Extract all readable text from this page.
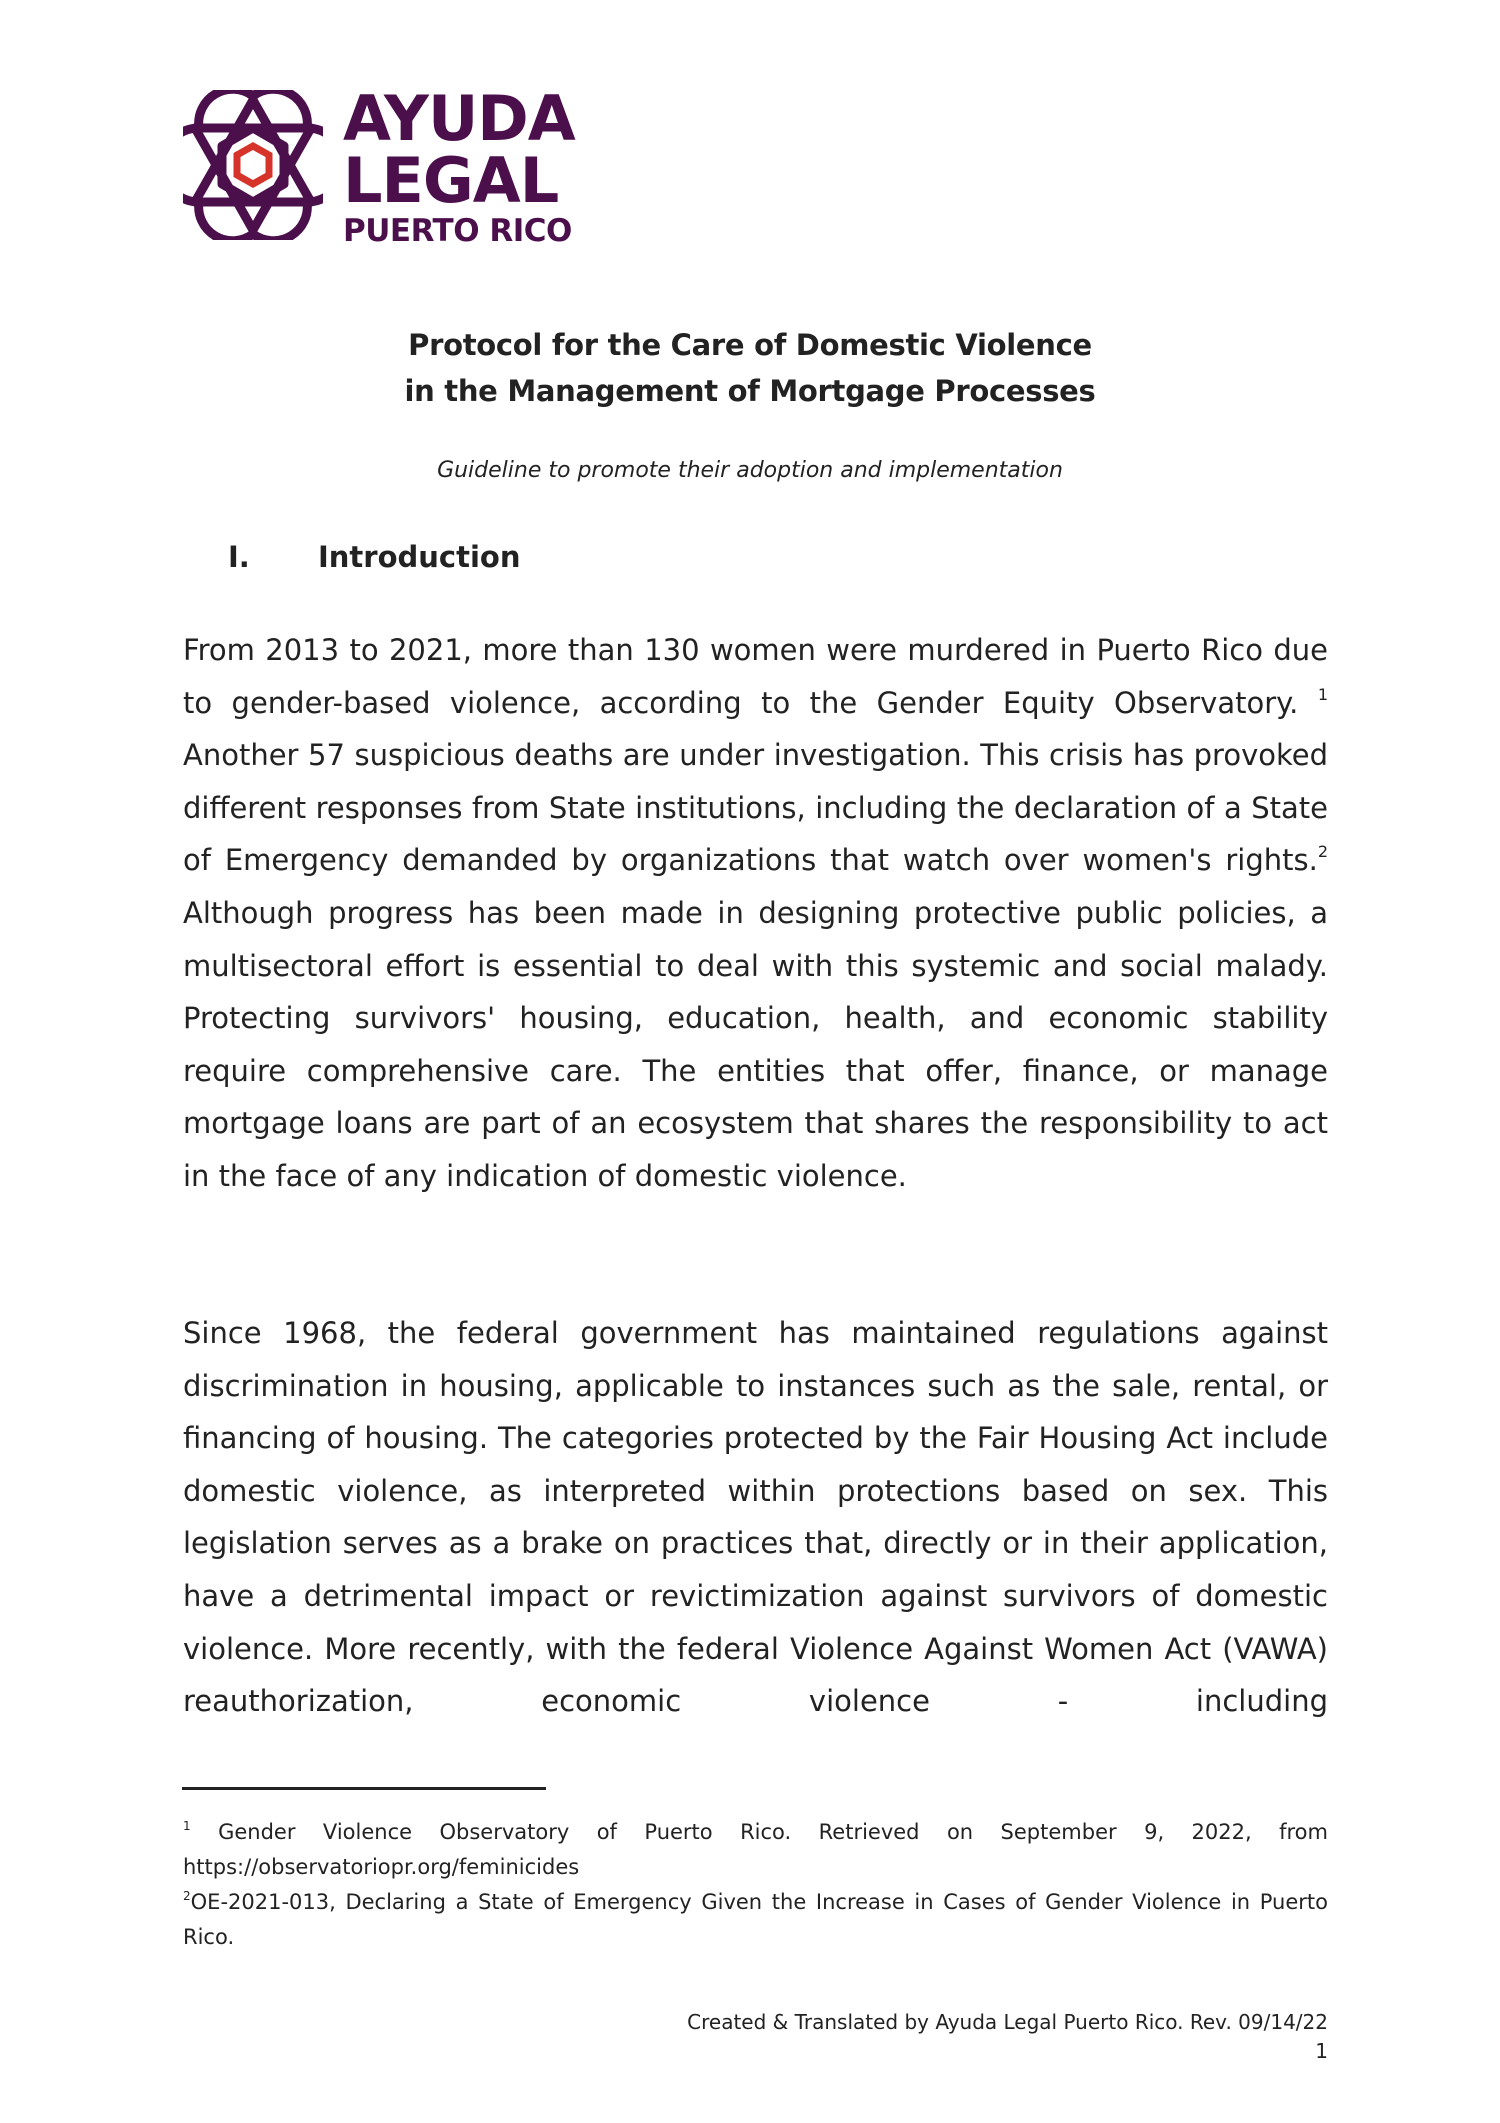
AYUDA
LEGAL
PUERTO RICO
Protocol for the Care of Domestic Violence
in the Management of Mortgage Processes
Guideline to promote their adoption and implementation
I. Introduction

From 2013 to 2021, more than 130 women were murdered in Puerto Rico due to gender-based violence, according to the Gender Equity Observatory. $^1$ Another 57 suspicious deaths are under investigation. This crisis has provoked different responses from State institutions, including the declaration of a State of Emergency demanded by organizations that watch over women's rights.$^2$ Although progress has been made in designing protective public policies, a multisectoral effort is essential to deal with this systemic and social malady. Protecting survivors' housing, education, health, and economic stability require comprehensive care. The entities that offer, finance, or manage mortgage loans are part of an ecosystem that shares the responsibility to act in the face of any indication of domestic violence.

Since 1968, the federal government has maintained regulations against discrimination in housing, applicable to instances such as the sale, rental, or financing of housing. The categories protected by the Fair Housing Act include domestic violence, as interpreted within protections based on sex. This legislation serves as a brake on practices that, directly or in their application, have a detrimental impact or revictimization against survivors of domestic violence. More recently, with the federal Violence Against Women Act (VAWA) reauthorization, economic violence - including

$^1$ Gender Violence Observatory of Puerto Rico. Retrieved on September 9, 2022, from https://observatoriopr.org/feminicides
$^2$OE-2021-013, Declaring a State of Emergency Given the Increase in Cases of Gender Violence in Puerto Rico.
Created & Translated by Ayuda Legal Puerto Rico. Rev. 09/14/22
1
